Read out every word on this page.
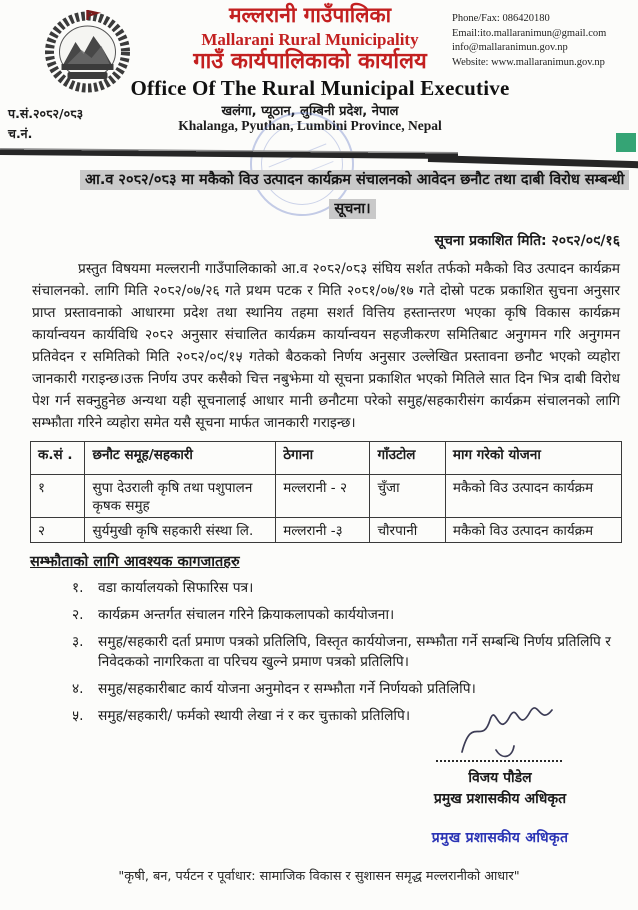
मल्लरानी गाउँपालिका
Mallarani Rural Municipality
गाउँ कार्यपालिकाको कार्यालय
Office Of The Rural Municipal Executive
खलंगा, प्यूठान, लुम्बिनी प्रदेश, नेपाल
Khalanga, Pyuthan, Lumbini Province, Nepal
Phone/Fax: 086420180
Email:ito.mallaranimun@gmail.com
info@mallaranimun.gov.np
Website: www.mallaranimun.gov.np
प.सं.२०८२/०८३
च.नं.
आ.व २०८२/०८३ मा मकैको विउ उत्पादन कार्यक्रम संचालनको आवेदन छनौट तथा दाबी विरोध सम्बन्धी सूचना।
सूचना प्रकाशित मिति: २०८२/०९/१६
प्रस्तुत विषयमा मल्लरानी गाउँपालिकाको आ.व २०८२/०८३ संघिय सर्शत तर्फको मकैको विउ उत्पादन कार्यक्रम संचालनको. लागि मिति २०८२/०७/२६ गते प्रथम पटक र मिति २०८१/०७/१७ गते दोस्रो पटक प्रकाशित सुचना अनुसार प्राप्त प्रस्तावनाको आधारमा प्रदेश तथा स्थानिय तहमा सशर्त वित्तिय हस्तान्तरण भएका कृषि विकास कार्यक्रम कार्यान्वयन कार्यविधि २०८२ अनुसार संचालित कार्यक्रम कार्यान्वयन सहजीकरण समितिबाट अनुगमन गरि अनुगमन प्रतिवेदन र समितिको मिति २०८२/०९/१५ गतेको बैठकको निर्णय अनुसार उल्लेखित प्रस्तावना छनौट भएको व्यहोरा जानकारी गराइन्छ।उक्त निर्णय उपर कसैको चित्त नबुझेमा यो सूचना प्रकाशित भएको मितिले सात दिन भित्र दाबी विरोध पेश गर्न सक्नुहुनेछ अन्यथा यही सूचनालाई आधार मानी छनौटमा परेको समुह/सहकारीसंग कार्यक्रम संचालनको लागि सम्झौता गरिने व्यहोरा समेत यसै सूचना मार्फत जानकारी गराइन्छ।
क.सं .	छनौट समूह/सहकारी	ठेगाना	गाँउटोल	माग गरेको योजना
१	सुपा देउराली कृषि तथा पशुपालन कृषक समुह	मल्लरानी - २	चुँजा	मकैको विउ उत्पादन कार्यक्रम
२	सुर्यमुखी कृषि सहकारी संस्था लि.	मल्लरानी -३	चौरपानी	मकैको विउ उत्पादन कार्यक्रम
सम्झौताको लागि आवश्यक कागजातहरु
१.	वडा कार्यालयको सिफारिस पत्र।
२.	कार्यक्रम अन्तर्गत संचालन गरिने क्रियाकलापको कार्ययोजना।
३.	समुह/सहकारी दर्ता प्रमाण पत्रको प्रतिलिपि, विस्तृत कार्ययोजना, सम्झौता गर्ने सम्बन्धि निर्णय प्रतिलिपि र निवेदकको नागरिकता वा परिचय खुल्ने प्रमाण पत्रको प्रतिलिपि।
४.	समुह/सहकारीबाट कार्य योजना अनुमोदन र सम्झौता गर्ने निर्णयको प्रतिलिपि।
५.	समुह/सहकारी/ फर्मको स्थायी लेखा नं र कर चुक्ताको प्रतिलिपि।
विजय पौडेल
प्रमुख प्रशासकीय अधिकृत
प्रमुख प्रशासकीय अधिकृत
"कृषी, बन, पर्यटन र पूर्वाधार: सामाजिक विकास र सुशासन समृद्ध मल्लरानीको आधार"
